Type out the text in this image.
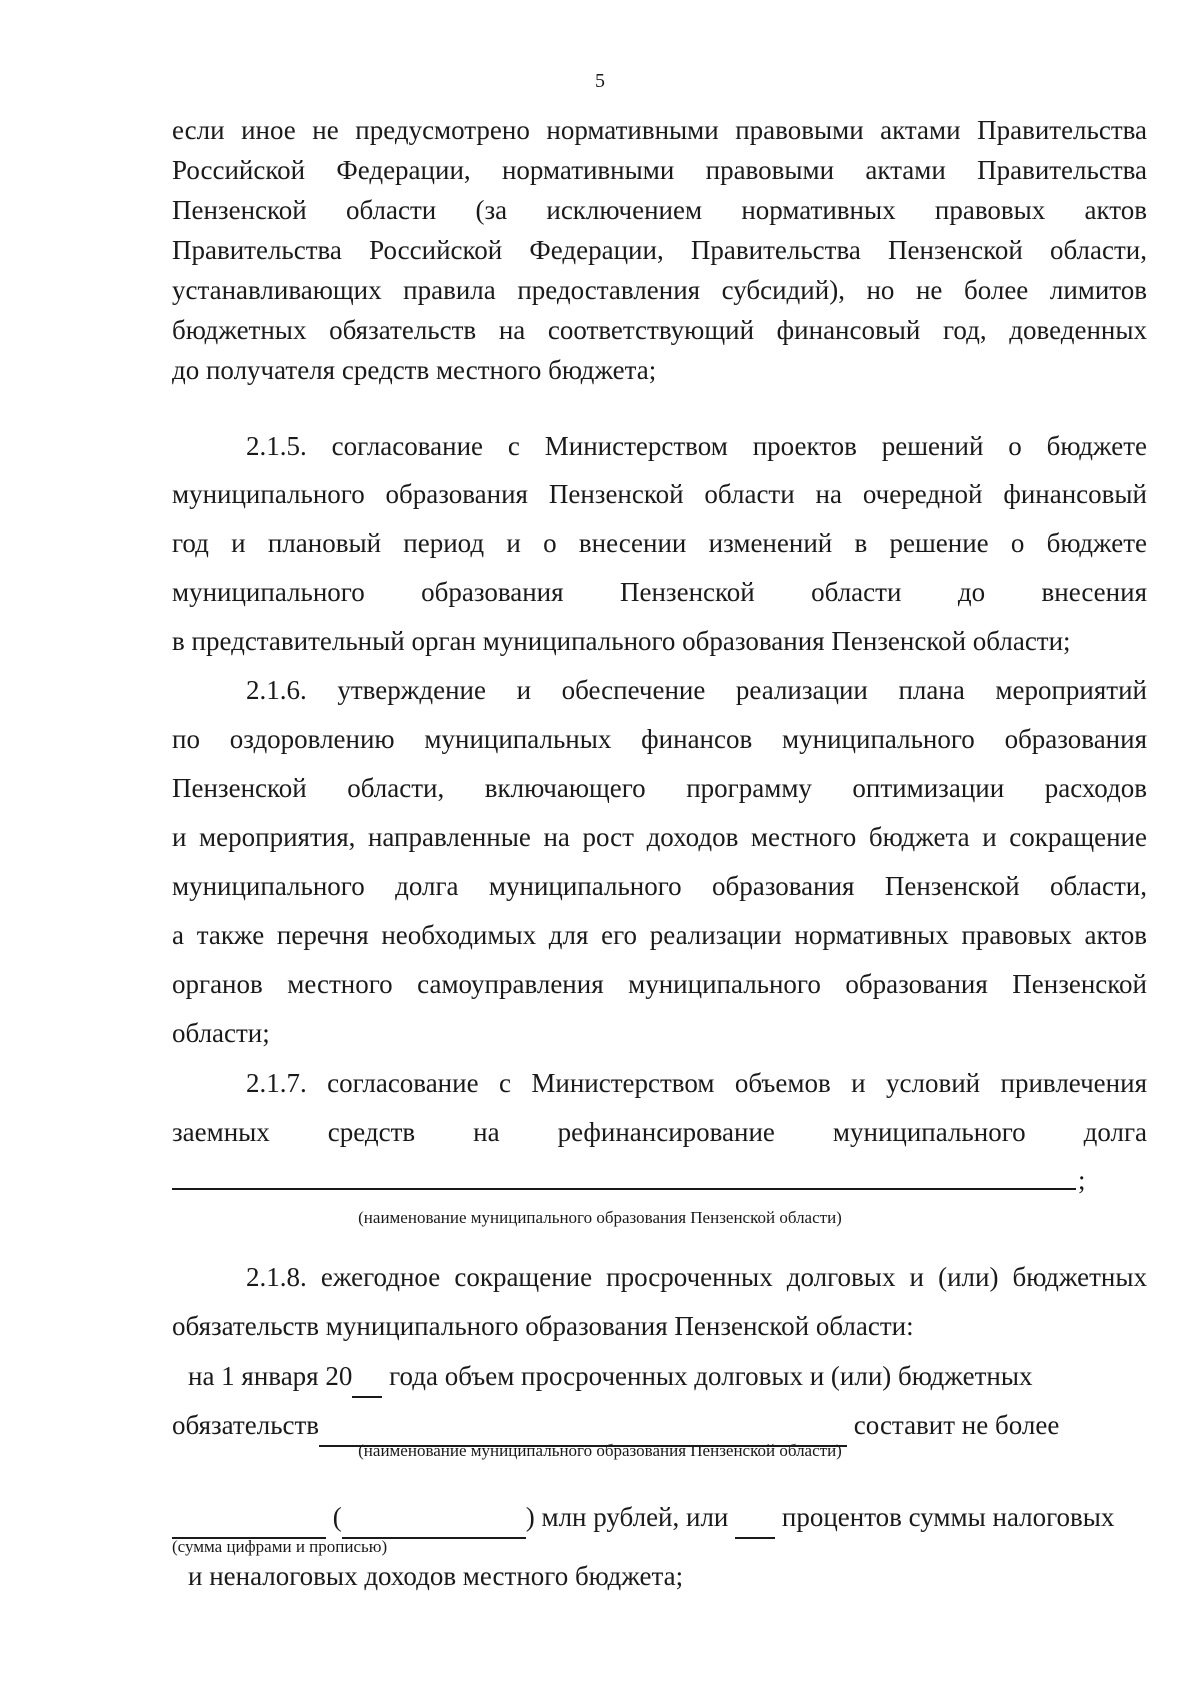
5
если иное не предусмотрено нормативными правовыми актами Правительства
Российской Федерации, нормативными правовыми актами Правительства
Пензенской области (за исключением нормативных правовых актов
Правительства Российской Федерации, Правительства Пензенской области,
устанавливающих правила предоставления субсидий), но не более лимитов
бюджетных обязательств на соответствующий финансовый год, доведенных
до получателя средств местного бюджета;
2.1.5. согласование с Министерством проектов решений о бюджете
муниципального образования Пензенской области на очередной финансовый
год и плановый период и о внесении изменений в решение о бюджете
муниципального образования Пензенской области до внесения
в представительный орган муниципального образования Пензенской области;
2.1.6. утверждение и обеспечение реализации плана мероприятий
по оздоровлению муниципальных финансов муниципального образования
Пензенской области, включающего программу оптимизации расходов
и мероприятия, направленные на рост доходов местного бюджета и сокращение
муниципального долга муниципального образования Пензенской области,
а также перечня необходимых для его реализации нормативных правовых актов
органов местного самоуправления муниципального образования Пензенской
области;
2.1.7. согласование с Министерством объемов и условий привлечения
заемных средств на рефинансирование муниципального долга
;
(наименование муниципального образования Пензенской области)
2.1.8. ежегодное сокращение просроченных долговых и (или) бюджетных
обязательств муниципального образования Пензенской области:
на 1 января 20  года объем просроченных долговых и (или) бюджетных
обязательств	составит не более
(наименование муниципального образования Пензенской области)
(	) млн рублей, или   процентов суммы налоговых
(сумма цифрами и прописью)
и неналоговых доходов местного бюджета;
